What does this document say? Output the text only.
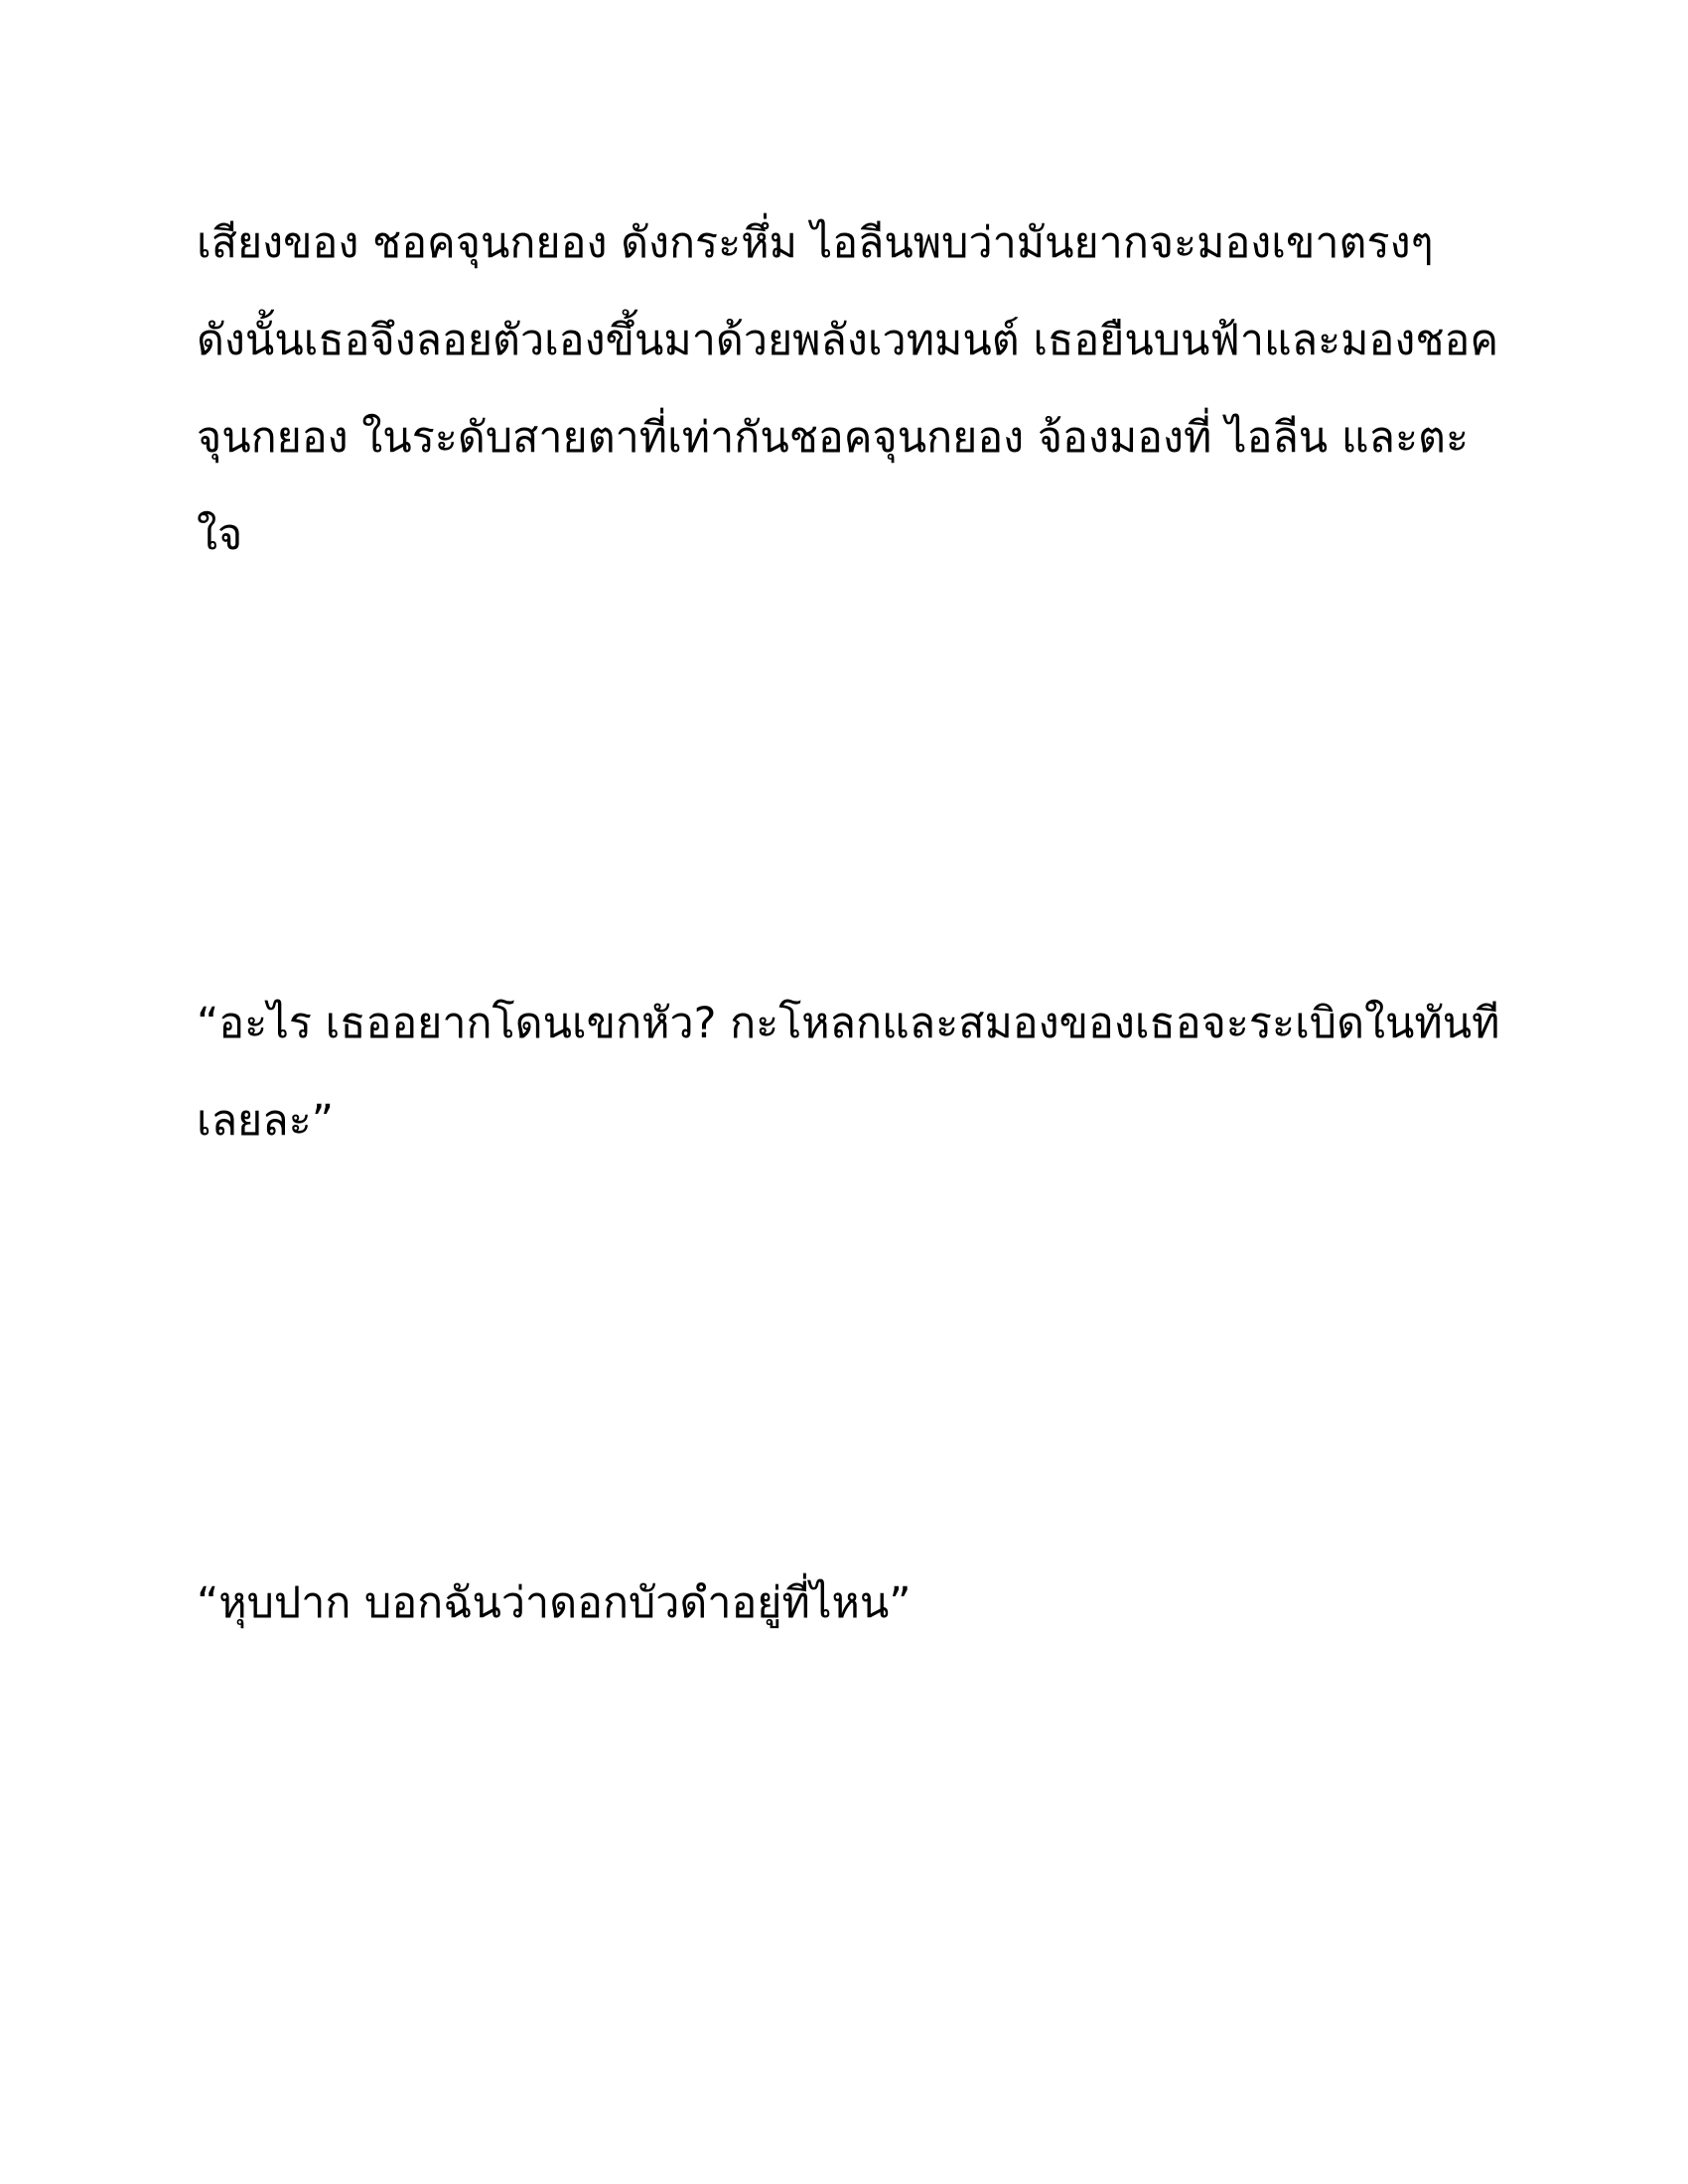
เสียงของ ชอคจุนกยอง ดังกระหึ่ม ไอลีนพบว่ามันยากจะมองเขาตรงๆ
ดังนั้นเธอจึงลอยตัวเองขึ้นมาด้วยพลังเวทมนต์ เธอยืนบนฟ้าและมองชอค
จุนกยอง ในระดับสายตาที่เท่ากันชอคจุนกยอง จ้องมองที่ ไอลีน และตะ
ใจ

“อะไร เธออยากโดนเขกหัว? กะโหลกและสมองของเธอจะระเบิดในทันที
เลยละ”

“หุบปาก บอกฉันว่าดอกบัวดำอยู่ที่ไหน”
